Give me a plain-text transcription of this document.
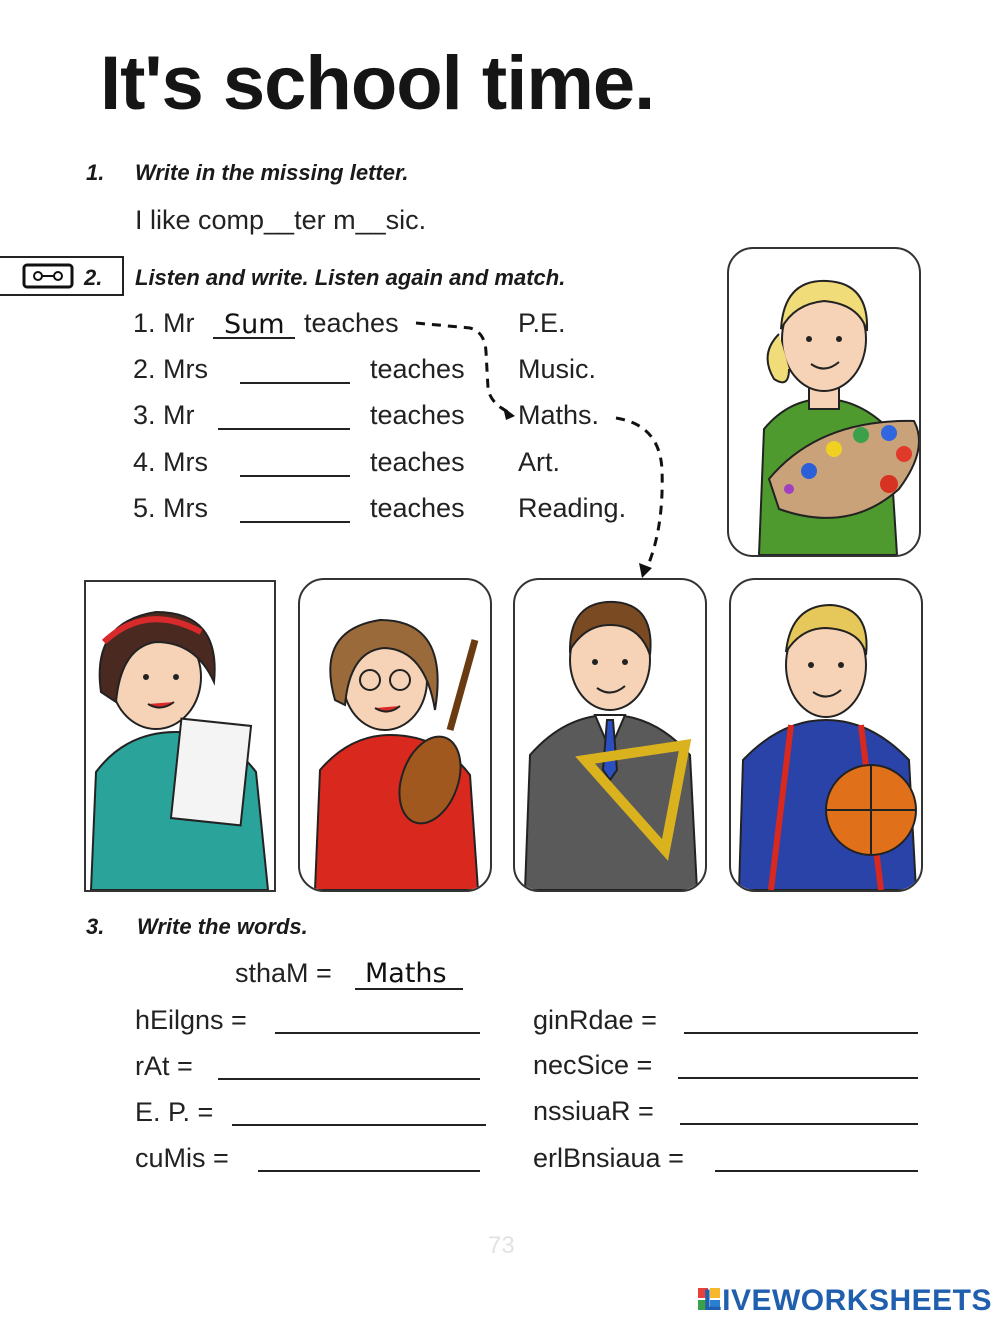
It's school time.
1. Write in the missing letter.
I like comp__ter m__sic.
2. Listen and write. Listen again and match.
1. Mr Sum teaches	P.E.
2. Mrs	teaches Music.
3. Mr	teaches Maths.
4. Mrs	teaches Art.
5. Mrs	teaches Reading.
3. Write the words.
sthaM = Maths
hEilgns =
rAt =
E. P. =
cuMis =
ginRdae =
necSice =
nssiuaR =
erlBnsiaua =
73
LIVEWORKSHEETS
